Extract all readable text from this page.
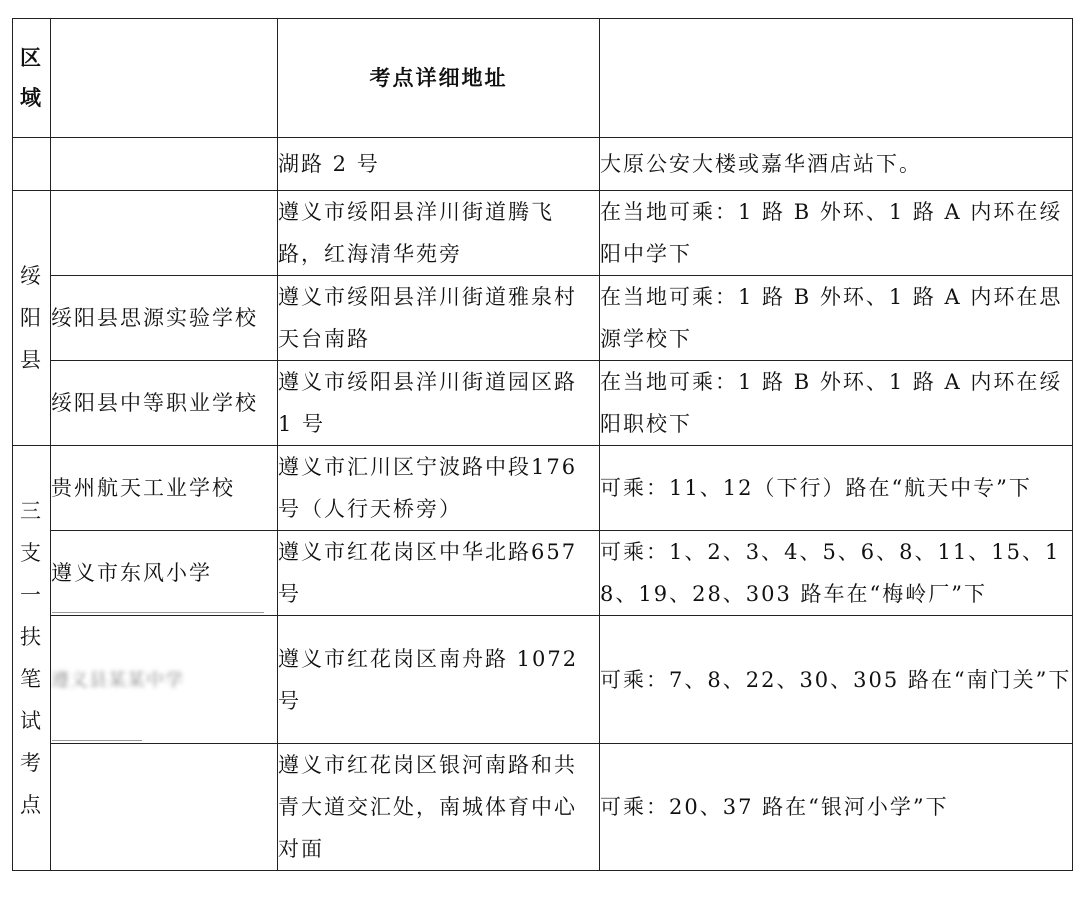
区域		考点详细地址	
		湖路 2 号	大原公安大楼或嘉华酒店站下。
绥阳县		遵义市绥阳县洋川街道腾飞路，红海清华苑旁	在当地可乘：1 路 B 外环、1 路 A 内环在绥阳中学下
	绥阳县思源实验学校	遵义市绥阳县洋川街道雅泉村天台南路	在当地可乘：1 路 B 外环、1 路 A 内环在思源学校下
	绥阳县中等职业学校	遵义市绥阳县洋川街道园区路 1 号	在当地可乘：1 路 B 外环、1 路 A 内环在绥阳职校下
三支一扶笔试考点	贵州航天工业学校	遵义市汇川区宁波路中段176 号（人行天桥旁）	可乘：11、12（下行）路在“航天中专”下
	遵义市东风小学	遵义市红花岗区中华北路657 号	可乘：1、2、3、4、5、6、8、11、15、18、19、28、303 路车在“梅岭厂”下
	遵义县某某中学	遵义市红花岗区南舟路 1072 号	可乘：7、8、22、30、305 路在“南门关”下
		遵义市红花岗区银河南路和共青大道交汇处，南城体育中心对面	可乘：20、37 路在“银河小学”下
